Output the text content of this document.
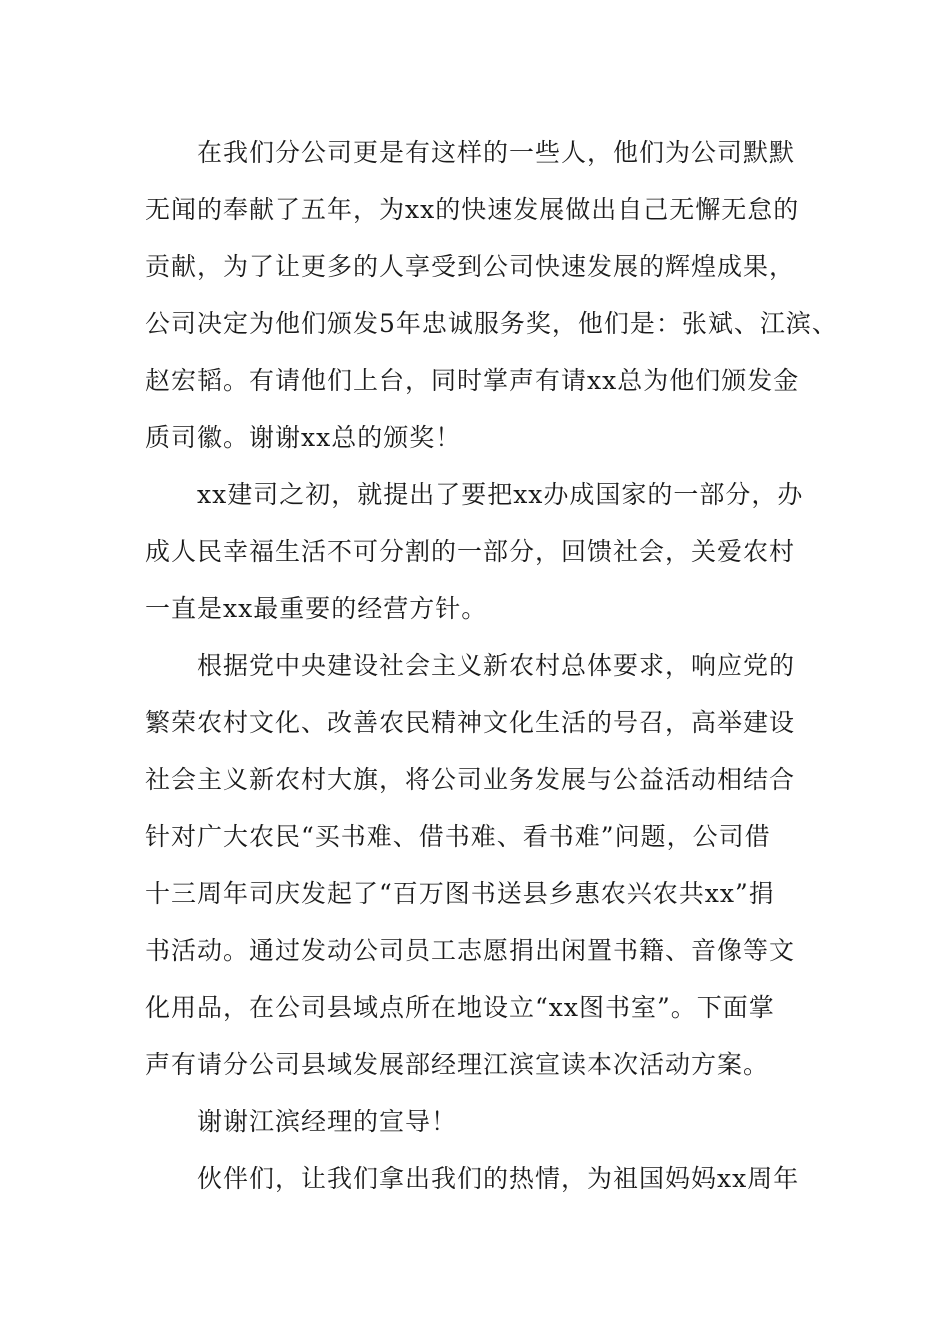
在我们分公司更是有这样的一些人，他们为公司默默
无闻的奉献了五年，为xx的快速发展做出自己无懈无怠的
贡献，为了让更多的人享受到公司快速发展的辉煌成果，
公司决定为他们颁发5年忠诚服务奖，他们是：张斌、江滨、
赵宏韬。有请他们上台，同时掌声有请xx总为他们颁发金
质司徽。谢谢xx总的颁奖！
xx建司之初，就提出了要把xx办成国家的一部分，办
成人民幸福生活不可分割的一部分，回馈社会，关爱农村
一直是xx最重要的经营方针。
根据党中央建设社会主义新农村总体要求，响应党的
繁荣农村文化、改善农民精神文化生活的号召，高举建设
社会主义新农村大旗，将公司业务发展与公益活动相结合
针对广大农民“买书难、借书难、看书难”问题，公司借
十三周年司庆发起了“百万图书送县乡惠农兴农共xx”捐
书活动。通过发动公司员工志愿捐出闲置书籍、音像等文
化用品，在公司县域点所在地设立“xx图书室”。下面掌
声有请分公司县域发展部经理江滨宣读本次活动方案。
谢谢江滨经理的宣导！
伙伴们，让我们拿出我们的热情，为祖国妈妈xx周年
